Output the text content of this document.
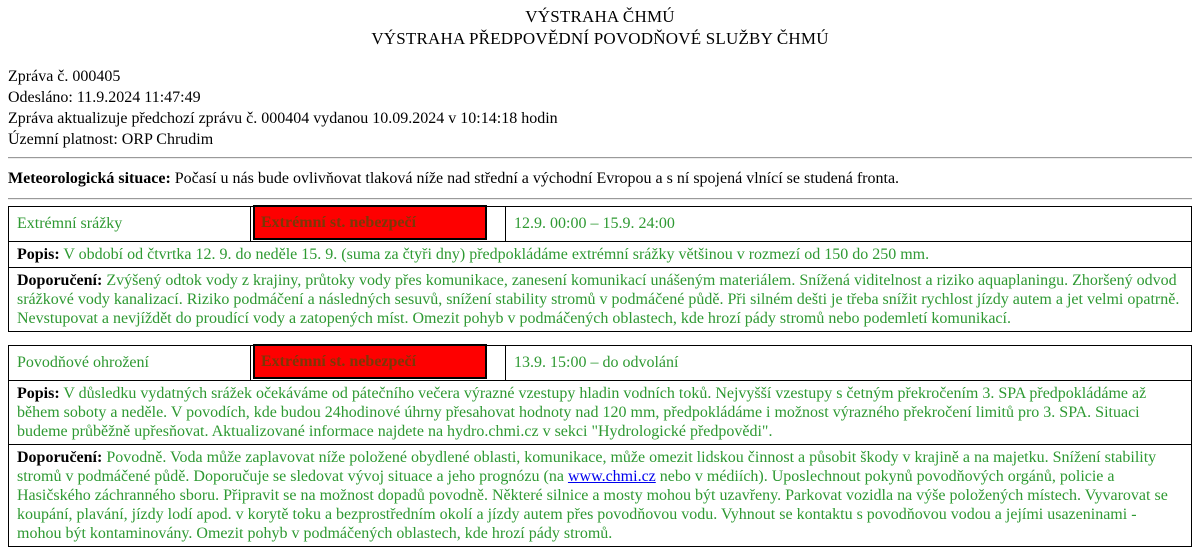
VÝSTRAHA ČHMÚ
VÝSTRAHA PŘEDPOVĚDNÍ POVODŇOVÉ SLUŽBY ČHMÚ
Zpráva č. 000405
Odesláno: 11.9.2024 11:47:49
Zpráva aktualizuje předchozí zprávu č. 000404 vydanou 10.09.2024 v 10:14:18 hodin
Územní platnost: ORP Chrudim

Meteorologická situace: Počasí u nás bude ovlivňovat tlaková níže nad střední a východní Evropou a s ní spojená vlnící se studená fronta.

Extrémní srážky	Extrémní st. nebezpečí	12.9. 00:00 – 15.9. 24:00
Popis: V období od čtvrtka 12. 9. do neděle 15. 9. (suma za čtyři dny) předpokládáme extrémní srážky většinou v rozmezí od 150 do 250 mm.
Doporučení: Zvýšený odtok vody z krajiny, průtoky vody přes komunikace, zanesení komunikací unášeným materiálem. Snížená viditelnost a riziko aquaplaningu. Zhoršený odvod srážkové vody kanalizací. Riziko podmáčení a následných sesuvů, snížení stability stromů v podmáčené půdě. Při silném dešti je třeba snížit rychlost jízdy autem a jet velmi opatrně. Nevstupovat a nevjíždět do proudící vody a zatopených míst. Omezit pohyb v podmáčených oblastech, kde hrozí pády stromů nebo podemletí komunikací.
Povodňové ohrožení	Extrémní st. nebezpečí	13.9. 15:00 – do odvolání
Popis: V důsledku vydatných srážek očekáváme od pátečního večera výrazné vzestupy hladin vodních toků. Nejvyšší vzestupy s četným překročením 3. SPA předpokládáme až během soboty a neděle. V povodích, kde budou 24hodinové úhrny přesahovat hodnoty nad 120 mm, předpokládáme i možnost výrazného překročení limitů pro 3. SPA. Situaci budeme průběžně upřesňovat. Aktualizované informace najdete na hydro.chmi.cz v sekci "Hydrologické předpovědi".
Doporučení: Povodně. Voda může zaplavovat níže položené obydlené oblasti, komunikace, může omezit lidskou činnost a působit škody v krajině a na majetku. Snížení stability stromů v podmáčené půdě. Doporučuje se sledovat vývoj situace a jeho prognózu (na www.chmi.cz nebo v médiích). Uposlechnout pokynů povodňových orgánů, policie a Hasičského záchranného sboru. Připravit se na možnost dopadů povodně. Některé silnice a mosty mohou být uzavřeny. Parkovat vozidla na výše položených místech. Vyvarovat se koupání, plavání, jízdy lodí apod. v korytě toku a bezprostředním okolí a jízdy autem přes povodňovou vodu. Vyhnout se kontaktu s povodňovou vodou a jejími usazeninami - mohou být kontaminovány. Omezit pohyb v podmáčených oblastech, kde hrozí pády stromů.
